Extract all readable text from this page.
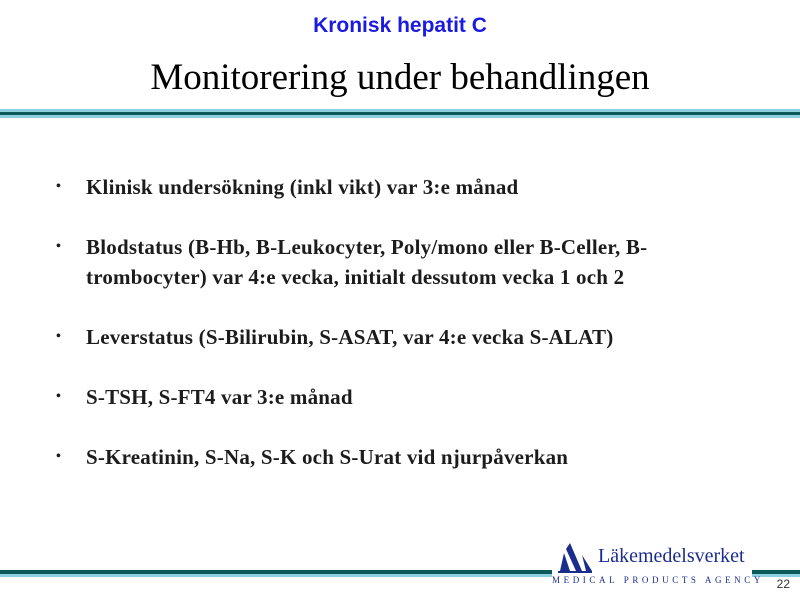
Kronisk hepatit C
Monitorering under behandlingen
• Klinisk undersökning (inkl vikt) var 3:e månad
• Blodstatus (B-Hb, B-Leukocyter, Poly/mono eller B-Celler, B-trombocyter) var 4:e vecka, initialt dessutom vecka 1 och 2
• Leverstatus (S-Bilirubin, S-ASAT, var 4:e vecka S-ALAT)
• S-TSH, S-FT4 var 3:e månad
• S-Kreatinin, S-Na, S-K och S-Urat vid njurpåverkan
Läkemedelsverket
MEDICAL PRODUCTS AGENCY 22
